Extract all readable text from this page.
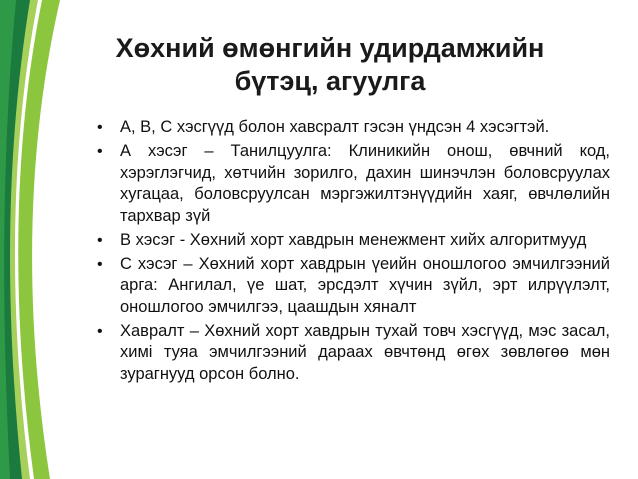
Хөхний өмөнгийн удирдамжийн
бүтэц, агуулга
• А, В, С хэсгүүд болон хавсралт гэсэн үндсэн 4 хэсэгтэй.
• А хэсэг – Танилцуулга: Клиникийн онош, өвчний код, хэрэглэгчид, хөтчийн зорилго, дахин шинэчлэн боловсруулах хугацаа, боловсруулсан мэргэжилтэнүүдийн хаяг, өвчлөлийн тархвар зүй
• В хэсэг - Хөхний хорт хавдрын менежмент хийх алгоритмууд
• С хэсэг – Хөхний хорт хавдрын үеийн оношлогоо эмчилгээний арга: Ангилал, үе шат, эрсдэлт хүчин зүйл, эрт илрүүлэлт, оношлогоо эмчилгээ, цаашдын хяналт
• Хавралт – Хөхний хорт хавдрын тухай товч хэсгүүд, мэс засал, химі туяа эмчилгээний дараах өвчтөнд өгөх зөвлөгөө мөн зурагнууд орсон болно.
